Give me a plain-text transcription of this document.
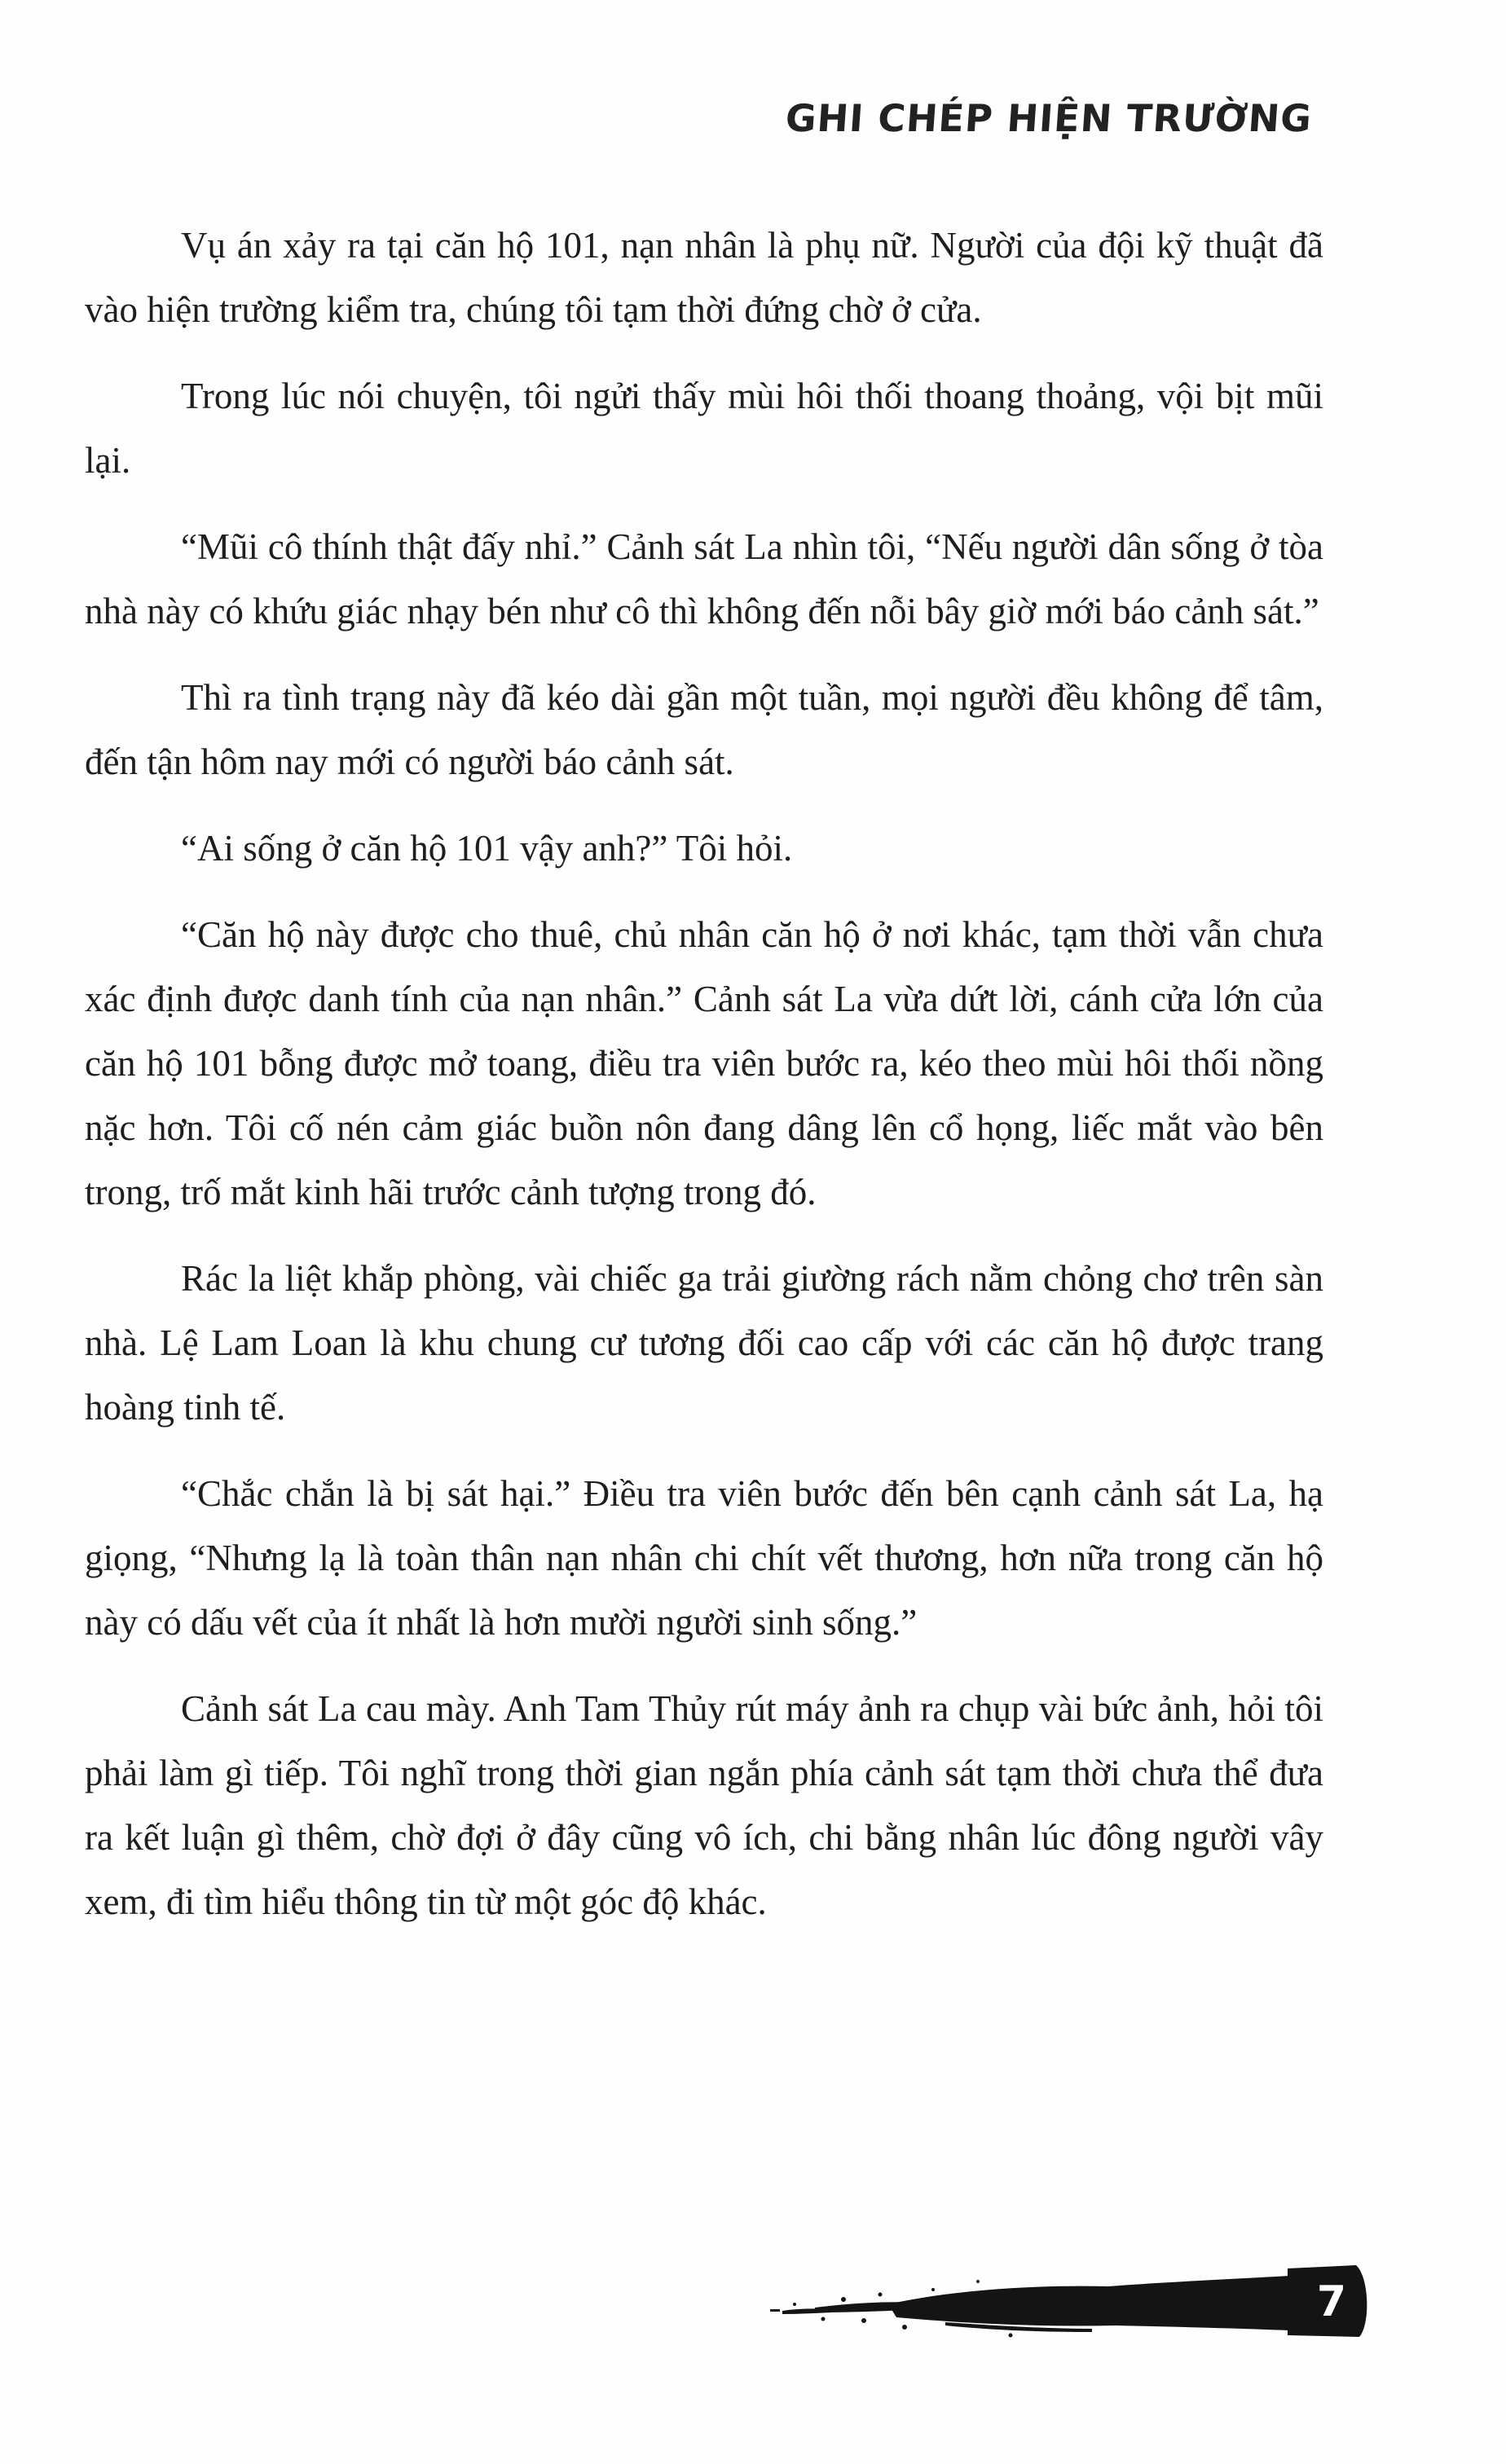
GHI CHÉP HIỆN TRƯỜNG

Vụ án xảy ra tại căn hộ 101, nạn nhân là phụ nữ. Người của đội kỹ thuật đã vào hiện trường kiểm tra, chúng tôi tạm thời đứng chờ ở cửa.

Trong lúc nói chuyện, tôi ngửi thấy mùi hôi thối thoang thoảng, vội bịt mũi lại.

“Mũi cô thính thật đấy nhỉ.” Cảnh sát La nhìn tôi, “Nếu người dân sống ở tòa nhà này có khứu giác nhạy bén như cô thì không đến nỗi bây giờ mới báo cảnh sát.”

Thì ra tình trạng này đã kéo dài gần một tuần, mọi người đều không để tâm, đến tận hôm nay mới có người báo cảnh sát.

“Ai sống ở căn hộ 101 vậy anh?” Tôi hỏi.

“Căn hộ này được cho thuê, chủ nhân căn hộ ở nơi khác, tạm thời vẫn chưa xác định được danh tính của nạn nhân.” Cảnh sát La vừa dứt lời, cánh cửa lớn của căn hộ 101 bỗng được mở toang, điều tra viên bước ra, kéo theo mùi hôi thối nồng nặc hơn. Tôi cố nén cảm giác buồn nôn đang dâng lên cổ họng, liếc mắt vào bên trong, trố mắt kinh hãi trước cảnh tượng trong đó.

Rác la liệt khắp phòng, vài chiếc ga trải giường rách nằm chỏng chơ trên sàn nhà. Lệ Lam Loan là khu chung cư tương đối cao cấp với các căn hộ được trang hoàng tinh tế.

“Chắc chắn là bị sát hại.” Điều tra viên bước đến bên cạnh cảnh sát La, hạ giọng, “Nhưng lạ là toàn thân nạn nhân chi chít vết thương, hơn nữa trong căn hộ này có dấu vết của ít nhất là hơn mười người sinh sống.”

Cảnh sát La cau mày. Anh Tam Thủy rút máy ảnh ra chụp vài bức ảnh, hỏi tôi phải làm gì tiếp. Tôi nghĩ trong thời gian ngắn phía cảnh sát tạm thời chưa thể đưa ra kết luận gì thêm, chờ đợi ở đây cũng vô ích, chi bằng nhân lúc đông người vây xem, đi tìm hiểu thông tin từ một góc độ khác.

7
